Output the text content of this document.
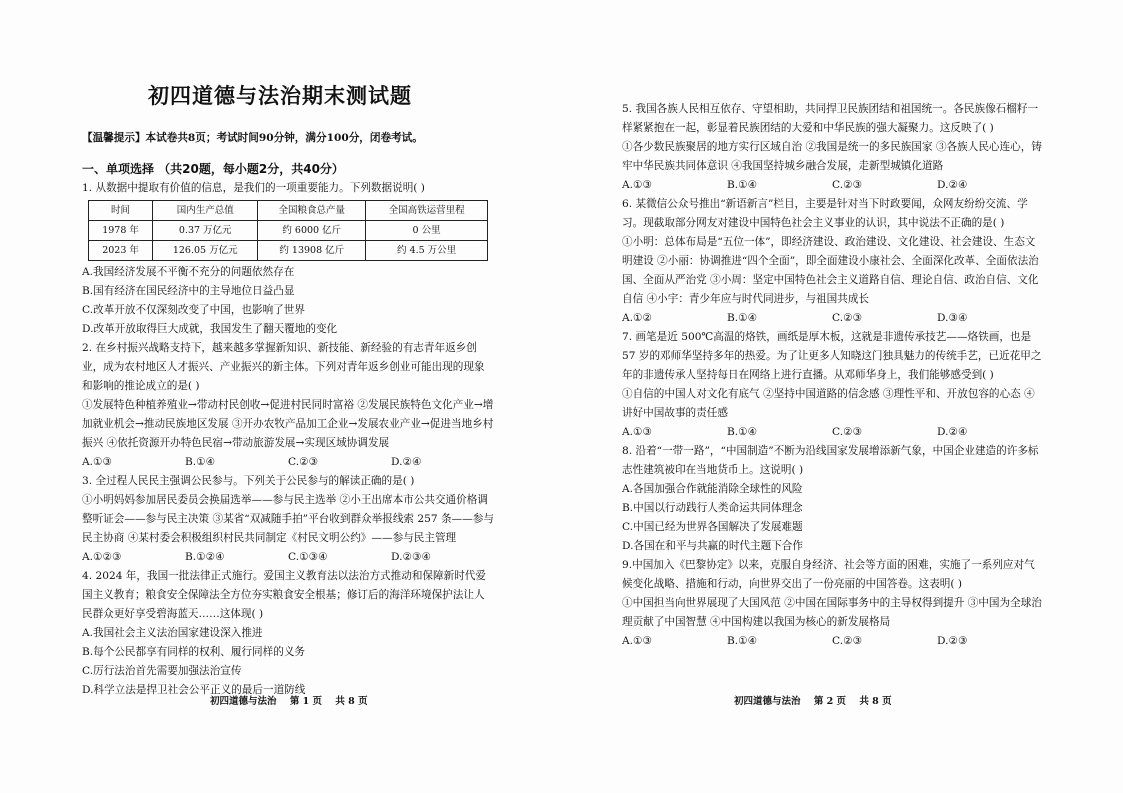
初四道德与法治期末测试题

【温馨提示】本试卷共8页；考试时间90分钟，满分100分，闭卷考试。

一、单项选择 （共20题，每小题2分，共40分）

1. 从数据中提取有价值的信息，是我们的一项重要能力。下列数据说明( )

时间	国内生产总值	全国粮食总产量	全国高铁运营里程
1978 年	0.37 万亿元	约 6000 亿斤	0 公里
2023 年	126.05 万亿元	约 13908 亿斤	约 4.5 万公里

A.我国经济发展不平衡不充分的问题依然存在

B.国有经济在国民经济中的主导地位日益凸显

C.改革开放不仅深刻改变了中国，也影响了世界

D.改革开放取得巨大成就，我国发生了翻天覆地的变化

2. 在乡村振兴战略支持下，越来越多掌握新知识、新技能、新经验的有志青年返乡创业，成为农村地区人才振兴、产业振兴的新主体。下列对青年返乡创业可能出现的现象和影响的推论成立的是( )

①发展特色种植养殖业→带动村民创收→促进村民同时富裕 ②发展民族特色文化产业→增加就业机会→推动民族地区发展 ③开办农牧产品加工企业→发展农业产业→促进当地乡村振兴 ④依托资源开办特色民宿→带动旅游发展→实现区域协调发展

A.①③	B.①④	C.②③	D.②④

3. 全过程人民民主强调公民参与。下列关于公民参与的解读正确的是( )

①小明妈妈参加居民委员会换届选举——参与民主选举 ②小王出席本市公共交通价格调整听证会——参与民主决策 ③某省“双减随手拍”平台收到群众举报线索 257 条——参与民主协商 ④某村委会积极组织村民共同制定《村民文明公约》——参与民主管理

A.①②③	B.①②④	C.①③④	D.②③④

4. 2024 年，我国一批法律正式施行。爱国主义教育法以法治方式推动和保障新时代爱国主义教育；粮食安全保障法全方位夯实粮食安全根基；修订后的海洋环境保护法让人民群众更好享受碧海蓝天……这体现( )

A.我国社会主义法治国家建设深入推进

B.每个公民都享有同样的权利、履行同样的义务

C.厉行法治首先需要加强法治宣传

D.科学立法是捍卫社会公平正义的最后一道防线

初四道德与法治 第 1 页 共 8 页

5. 我国各族人民相互依存、守望相助，共同捍卫民族团结和祖国统一。各民族像石榴籽一样紧紧抱在一起，彰显着民族团结的大爱和中华民族的强大凝聚力。这反映了( )

①各少数民族聚居的地方实行区域自治 ②我国是统一的多民族国家 ③各族人民心连心，铸牢中华民族共同体意识 ④我国坚持城乡融合发展，走新型城镇化道路

A.①③	B.①④	C.②③	D.②④

6. 某微信公众号推出“新语新言”栏目，主要是针对当下时政要闻，众网友纷纷交流、学习。现截取部分网友对建设中国特色社会主义事业的认识，其中说法不正确的是( )

①小明：总体布局是“五位一体”，即经济建设、政治建设、文化建设、社会建设、生态文明建设 ②小丽：协调推进“四个全面”，即全面建设小康社会、全面深化改革、全面依法治国、全面从严治党 ③小周：坚定中国特色社会主义道路自信、理论自信、政治自信、文化自信 ④小宇：青少年应与时代同进步，与祖国共成长

A.①②	B.①④	C.②③	D.③④

7. 画笔是近 500℃高温的烙铁，画纸是厚木板，这就是非遗传承技艺——烙铁画，也是 57 岁的邓师华坚持多年的热爱。为了让更多人知晓这门独具魅力的传统手艺，已近花甲之年的非遗传承人坚持每日在网络上进行直播。从邓师华身上，我们能够感受到( )

①自信的中国人对文化有底气 ②坚持中国道路的信念感 ③理性平和、开放包容的心态 ④讲好中国故事的责任感

A.①③	B.①④	C.②③	D.②④

8. 沿着“一带一路”，“中国制造”不断为沿线国家发展增添新气象，中国企业建造的许多标志性建筑被印在当地货币上。这说明( )

A.各国加强合作就能消除全球性的风险

B.中国以行动践行人类命运共同体理念

C.中国已经为世界各国解决了发展难题

D.各国在和平与共赢的时代主题下合作

9.中国加入《巴黎协定》以来，克服自身经济、社会等方面的困难，实施了一系列应对气候变化战略、措施和行动，向世界交出了一份亮丽的中国答卷。这表明( )

①中国担当向世界展现了大国风范 ②中国在国际事务中的主导权得到提升 ③中国为全球治理贡献了中国智慧 ④中国构建以我国为核心的新发展格局

A.①③	B.①④	C.②③	D.②③
初四道德与法治 第 2 页 共 8 页
